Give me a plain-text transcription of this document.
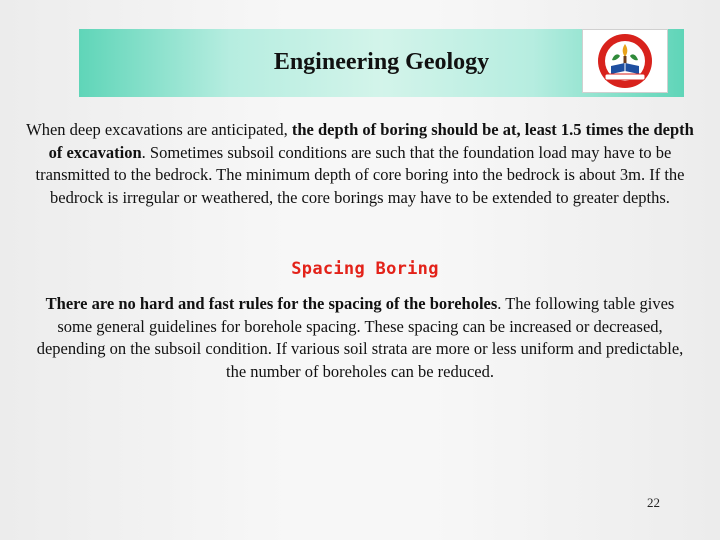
Engineering Geology

When deep excavations are anticipated, the depth of boring should be at, least 1.5 times the depth of excavation. Sometimes subsoil conditions are such that the foundation load may have to be transmitted to the bedrock. The minimum depth of core boring into the bedrock is about 3m. If the bedrock is irregular or weathered, the core borings may have to be extended to greater depths.

Spacing Boring

There are no hard and fast rules for the spacing of the boreholes. The following table gives some general guidelines for borehole spacing. These spacing can be increased or decreased, depending on the subsoil condition. If various soil strata are more or less uniform and predictable, the number of boreholes can be reduced.

22
